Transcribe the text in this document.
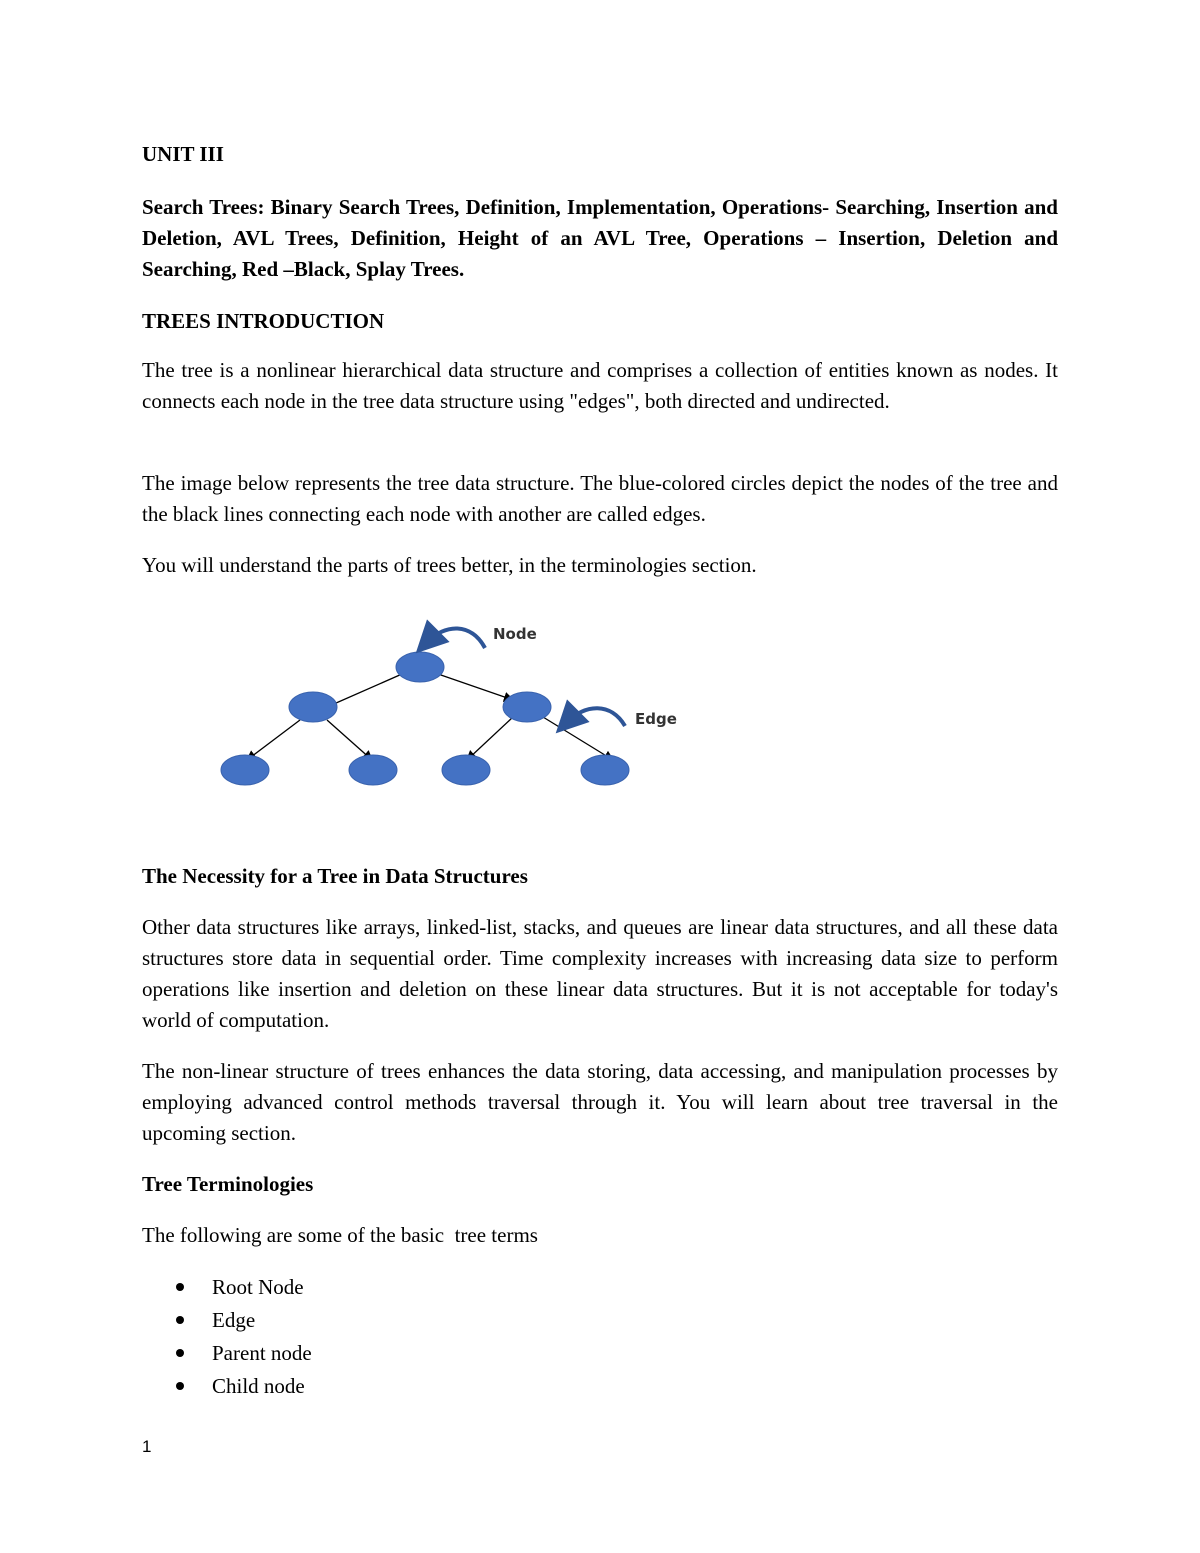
UNIT III

Search Trees: Binary Search Trees, Definition, Implementation, Operations- Searching, Insertion and Deletion, AVL Trees, Definition, Height of an AVL Tree, Operations – Insertion, Deletion and Searching, Red –Black, Splay Trees.

TREES INTRODUCTION

The tree is a nonlinear hierarchical data structure and comprises a collection of entities known as nodes. It connects each node in the tree data structure using "edges", both directed and undirected.

The image below represents the tree data structure. The blue-colored circles depict the nodes of the tree and the black lines connecting each node with another are called edges.

You will understand the parts of trees better, in the terminologies section.

Node
Edge
The Necessity for a Tree in Data Structures

Other data structures like arrays, linked-list, stacks, and queues are linear data structures, and all these data structures store data in sequential order. Time complexity increases with increasing data size to perform operations like insertion and deletion on these linear data structures. But it is not acceptable for today's world of computation.

The non-linear structure of trees enhances the data storing, data accessing, and manipulation processes by employing advanced control methods traversal through it. You will learn about tree traversal in the upcoming section.

Tree Terminologies

The following are some of the basic  tree terms

Root Node
Edge
Parent node
Child node
1
